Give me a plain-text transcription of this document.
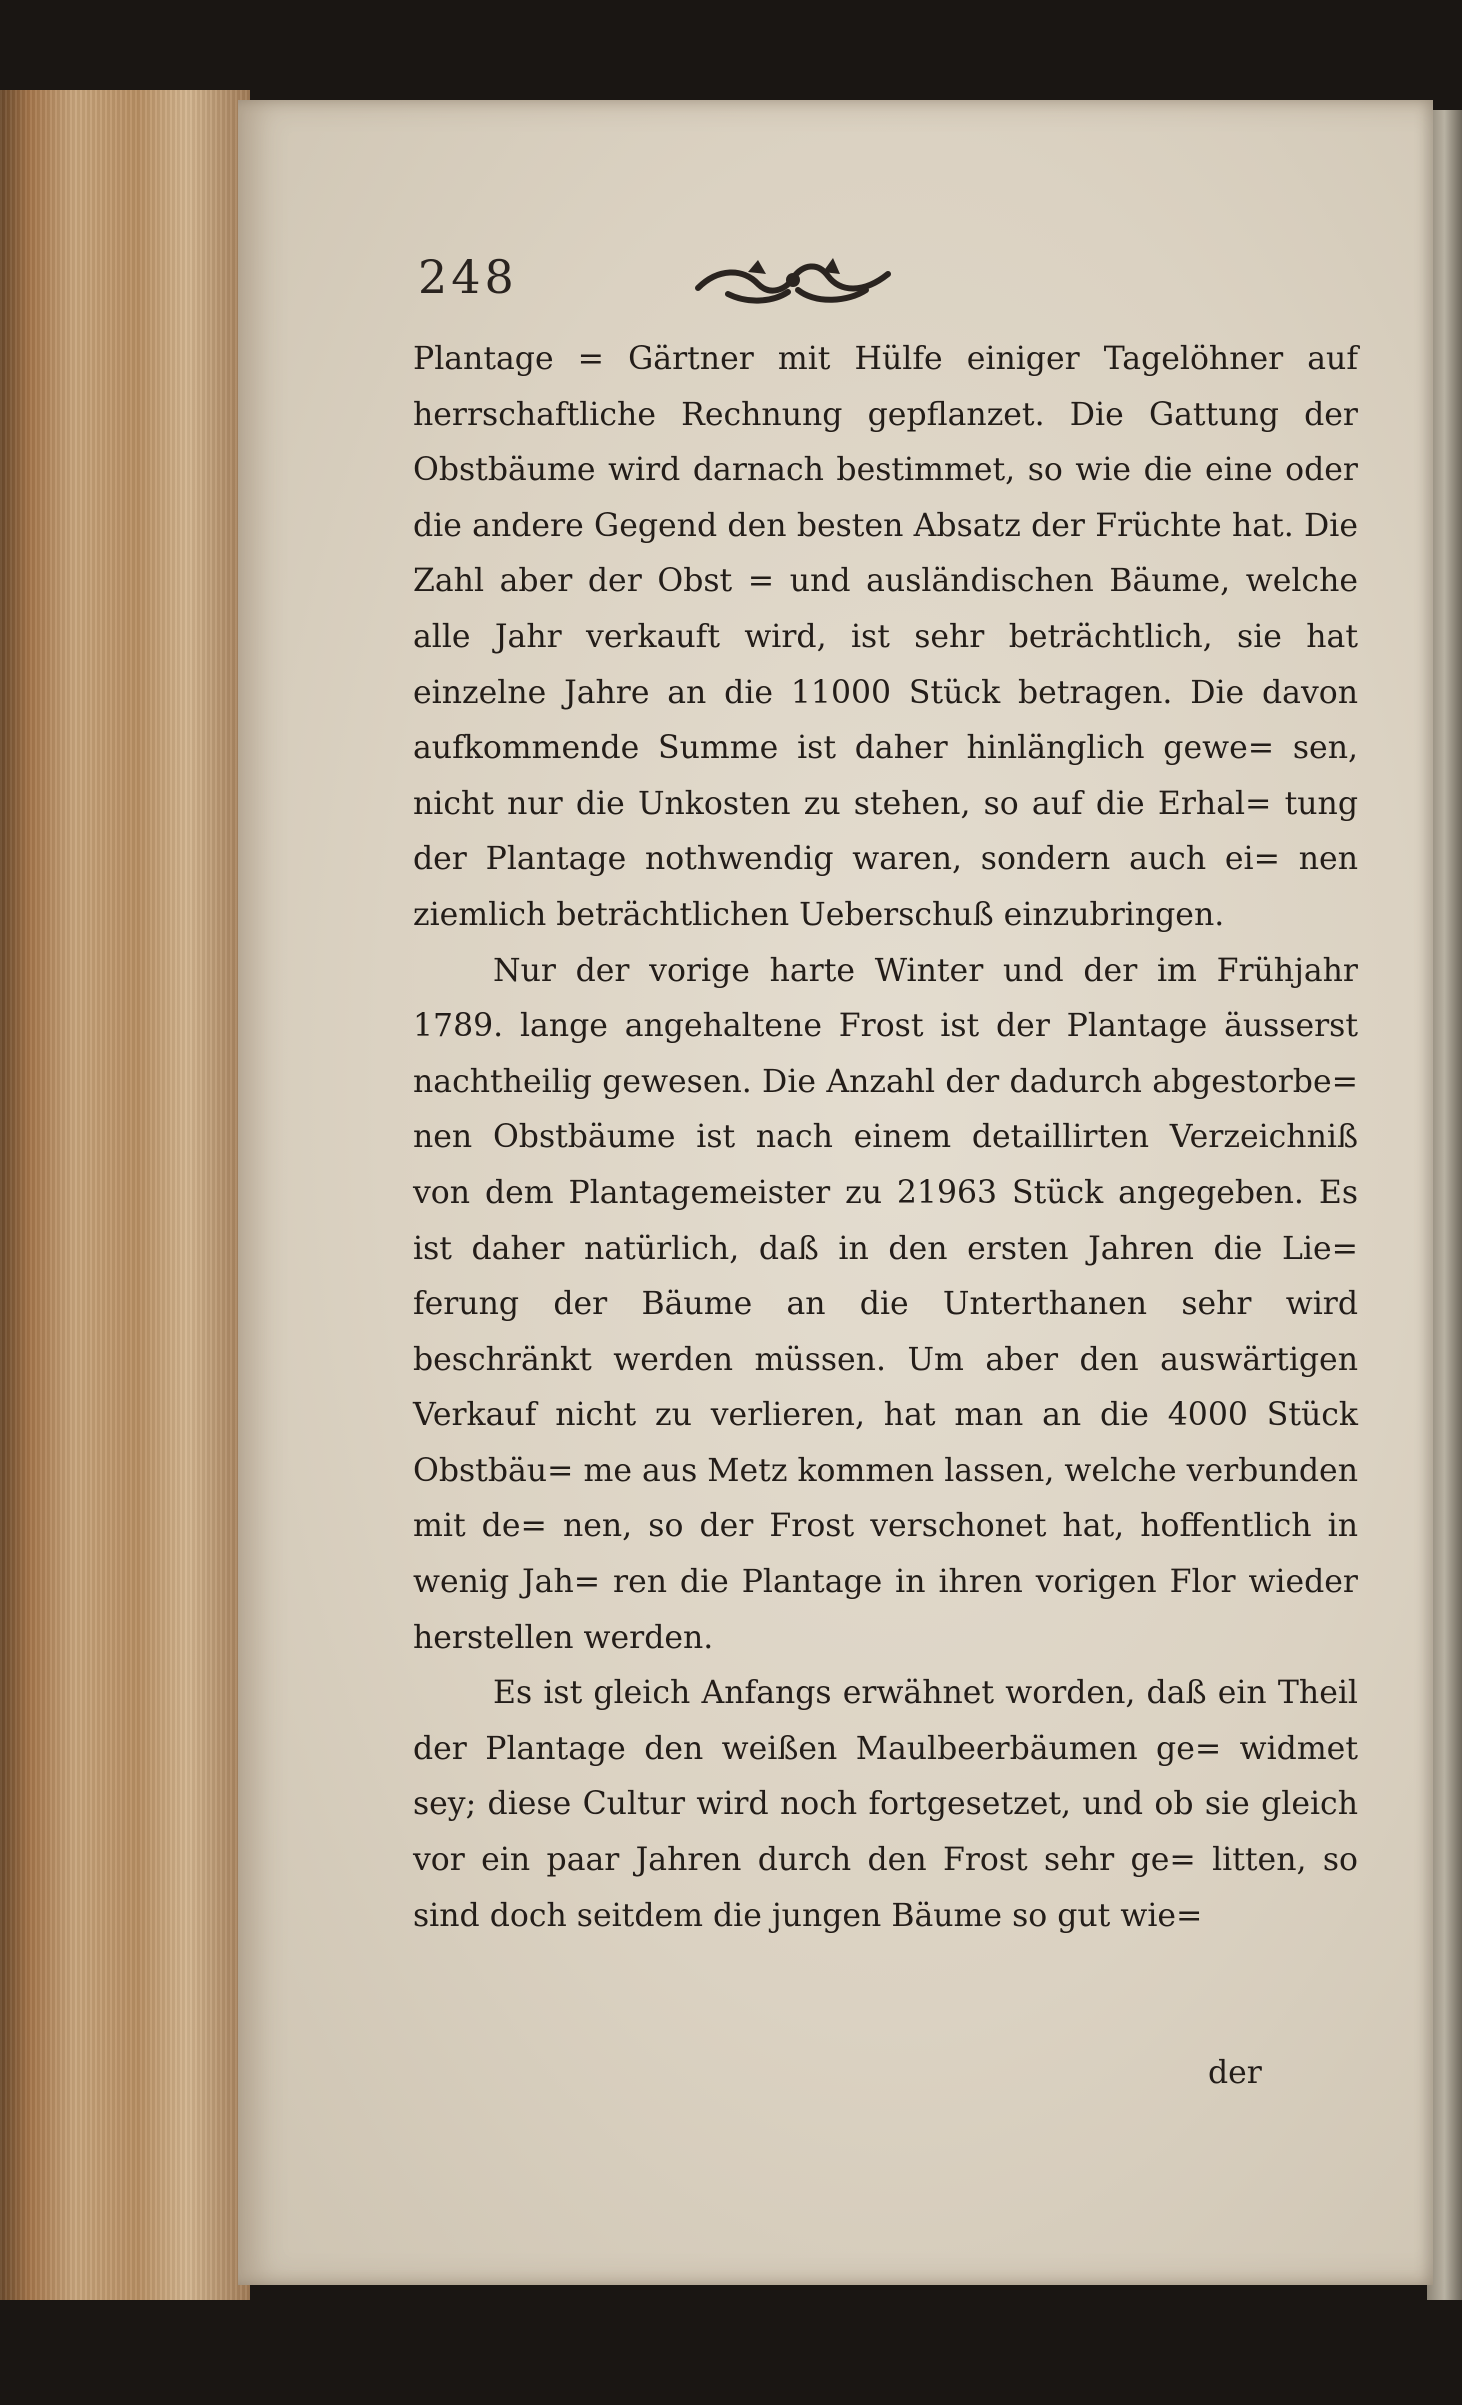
248

Plantage = Gärtner mit Hülfe einiger Tagelöhner auf herrschaftliche Rechnung gepflanzet. Die Gattung der Obstbäume wird darnach bestimmet, so wie die eine oder die andere Gegend den besten Absatz der Früchte hat. Die Zahl aber der Obst = und ausländischen Bäume, welche alle Jahr verkauft wird, ist sehr beträchtlich, sie hat einzelne Jahre an die 11000 Stück betragen. Die davon aufkommende Summe ist daher hinlänglich gewe= sen, nicht nur die Unkosten zu stehen, so auf die Erhal= tung der Plantage nothwendig waren, sondern auch ei= nen ziemlich beträchtlichen Ueberschuß einzubringen.

Nur der vorige harte Winter und der im Frühjahr 1789. lange angehaltene Frost ist der Plantage äusserst nachtheilig gewesen. Die Anzahl der dadurch abgestorbe= nen Obstbäume ist nach einem detaillirten Verzeichniß von dem Plantagemeister zu 21963 Stück angegeben. Es ist daher natürlich, daß in den ersten Jahren die Lie= ferung der Bäume an die Unterthanen sehr wird beschränkt werden müssen. Um aber den auswärtigen Verkauf nicht zu verlieren, hat man an die 4000 Stück Obstbäu= me aus Metz kommen lassen, welche verbunden mit de= nen, so der Frost verschonet hat, hoffentlich in wenig Jah= ren die Plantage in ihren vorigen Flor wieder herstellen werden.

Es ist gleich Anfangs erwähnet worden, daß ein Theil der Plantage den weißen Maulbeerbäumen ge= widmet sey; diese Cultur wird noch fortgesetzet, und ob sie gleich vor ein paar Jahren durch den Frost sehr ge= litten, so sind doch seitdem die jungen Bäume so gut wie=

der
